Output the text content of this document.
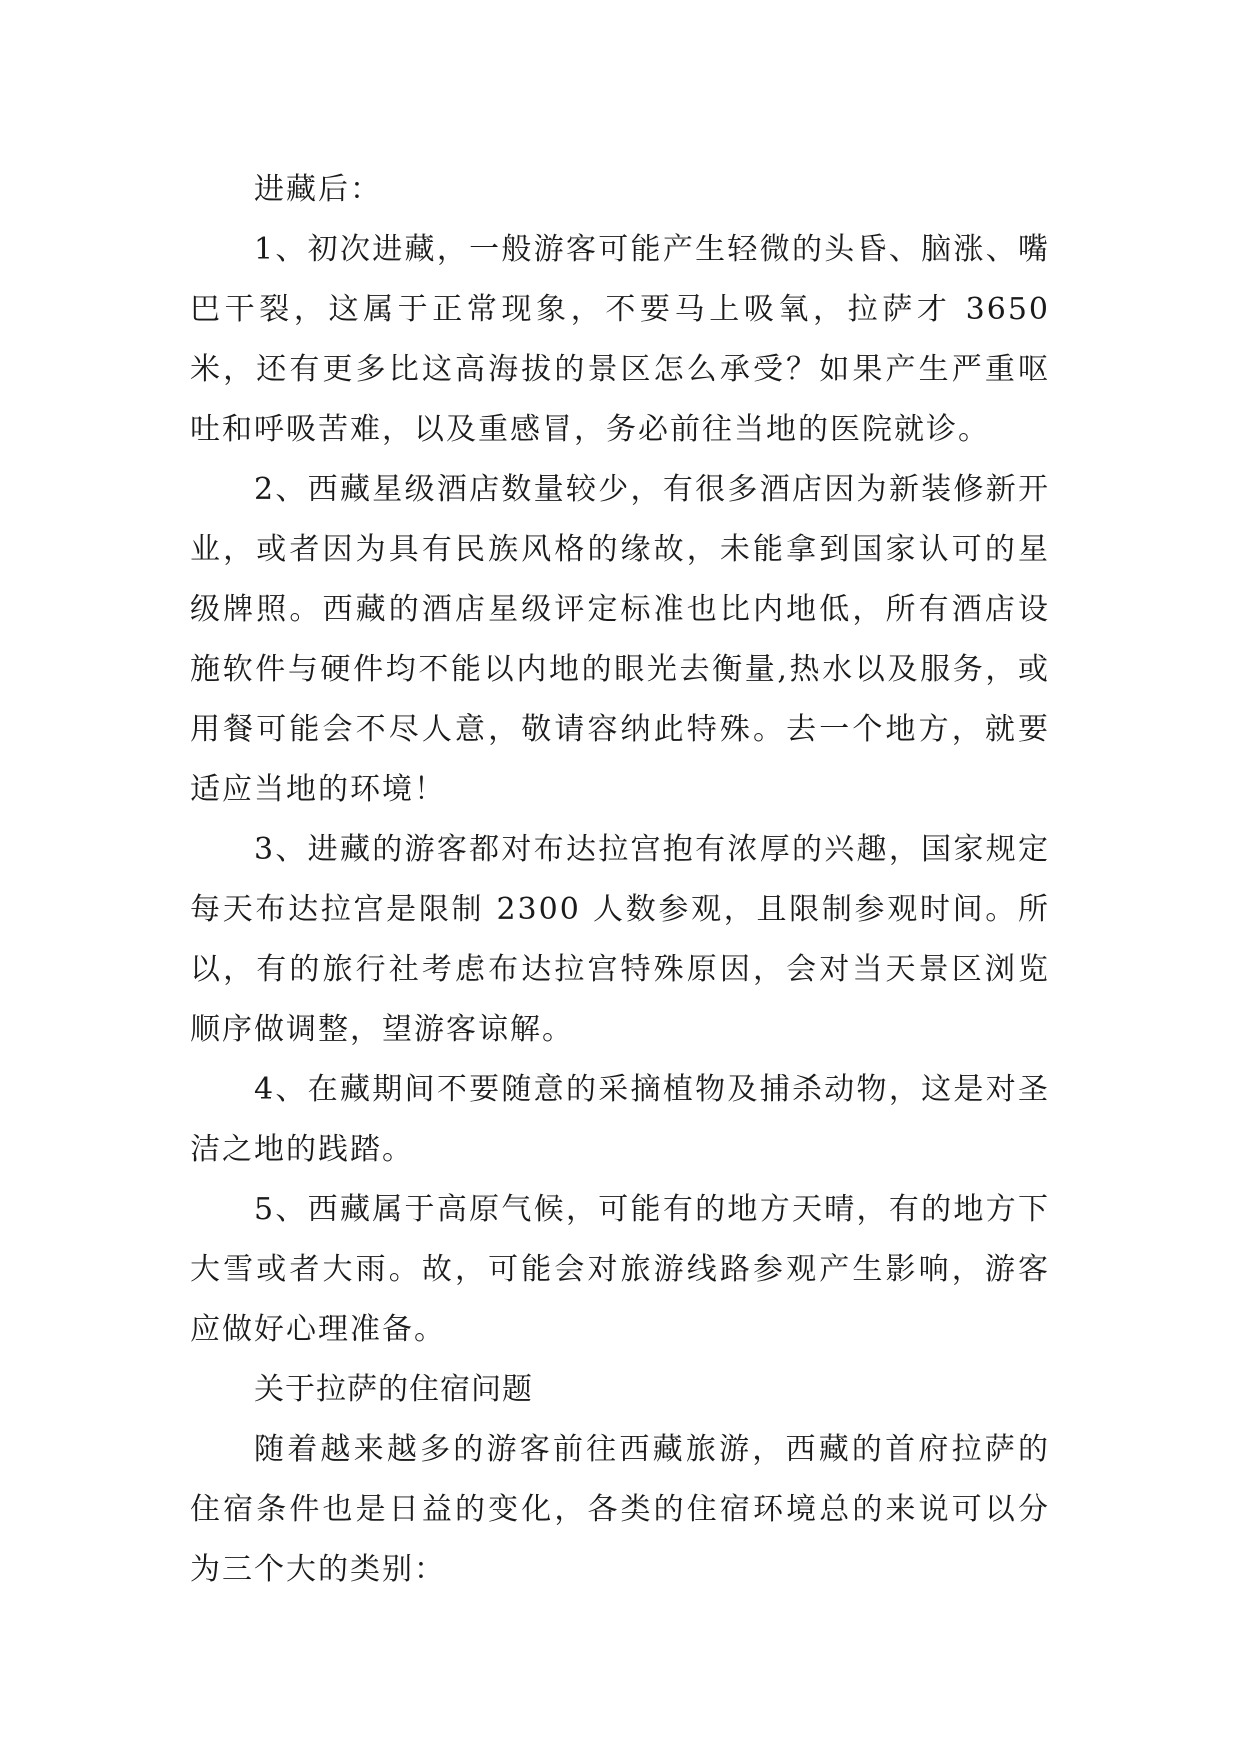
进藏后：

1、初次进藏，一般游客可能产生轻微的头昏、脑涨、嘴巴干裂，这属于正常现象，不要马上吸氧，拉萨才 3650 米，还有更多比这高海拔的景区怎么承受？如果产生严重呕吐和呼吸苦难，以及重感冒，务必前往当地的医院就诊。

2、西藏星级酒店数量较少，有很多酒店因为新装修新开业，或者因为具有民族风格的缘故，未能拿到国家认可的星级牌照。西藏的酒店星级评定标准也比内地低，所有酒店设施软件与硬件均不能以内地的眼光去衡量,热水以及服务，或用餐可能会不尽人意，敬请容纳此特殊。去一个地方，就要适应当地的环境！

3、进藏的游客都对布达拉宫抱有浓厚的兴趣，国家规定每天布达拉宫是限制 2300 人数参观，且限制参观时间。所以，有的旅行社考虑布达拉宫特殊原因，会对当天景区浏览顺序做调整，望游客谅解。

4、在藏期间不要随意的采摘植物及捕杀动物，这是对圣洁之地的践踏。

5、西藏属于高原气候，可能有的地方天晴，有的地方下大雪或者大雨。故，可能会对旅游线路参观产生影响，游客应做好心理准备。

关于拉萨的住宿问题

随着越来越多的游客前往西藏旅游，西藏的首府拉萨的住宿条件也是日益的变化，各类的住宿环境总的来说可以分为三个大的类别：
